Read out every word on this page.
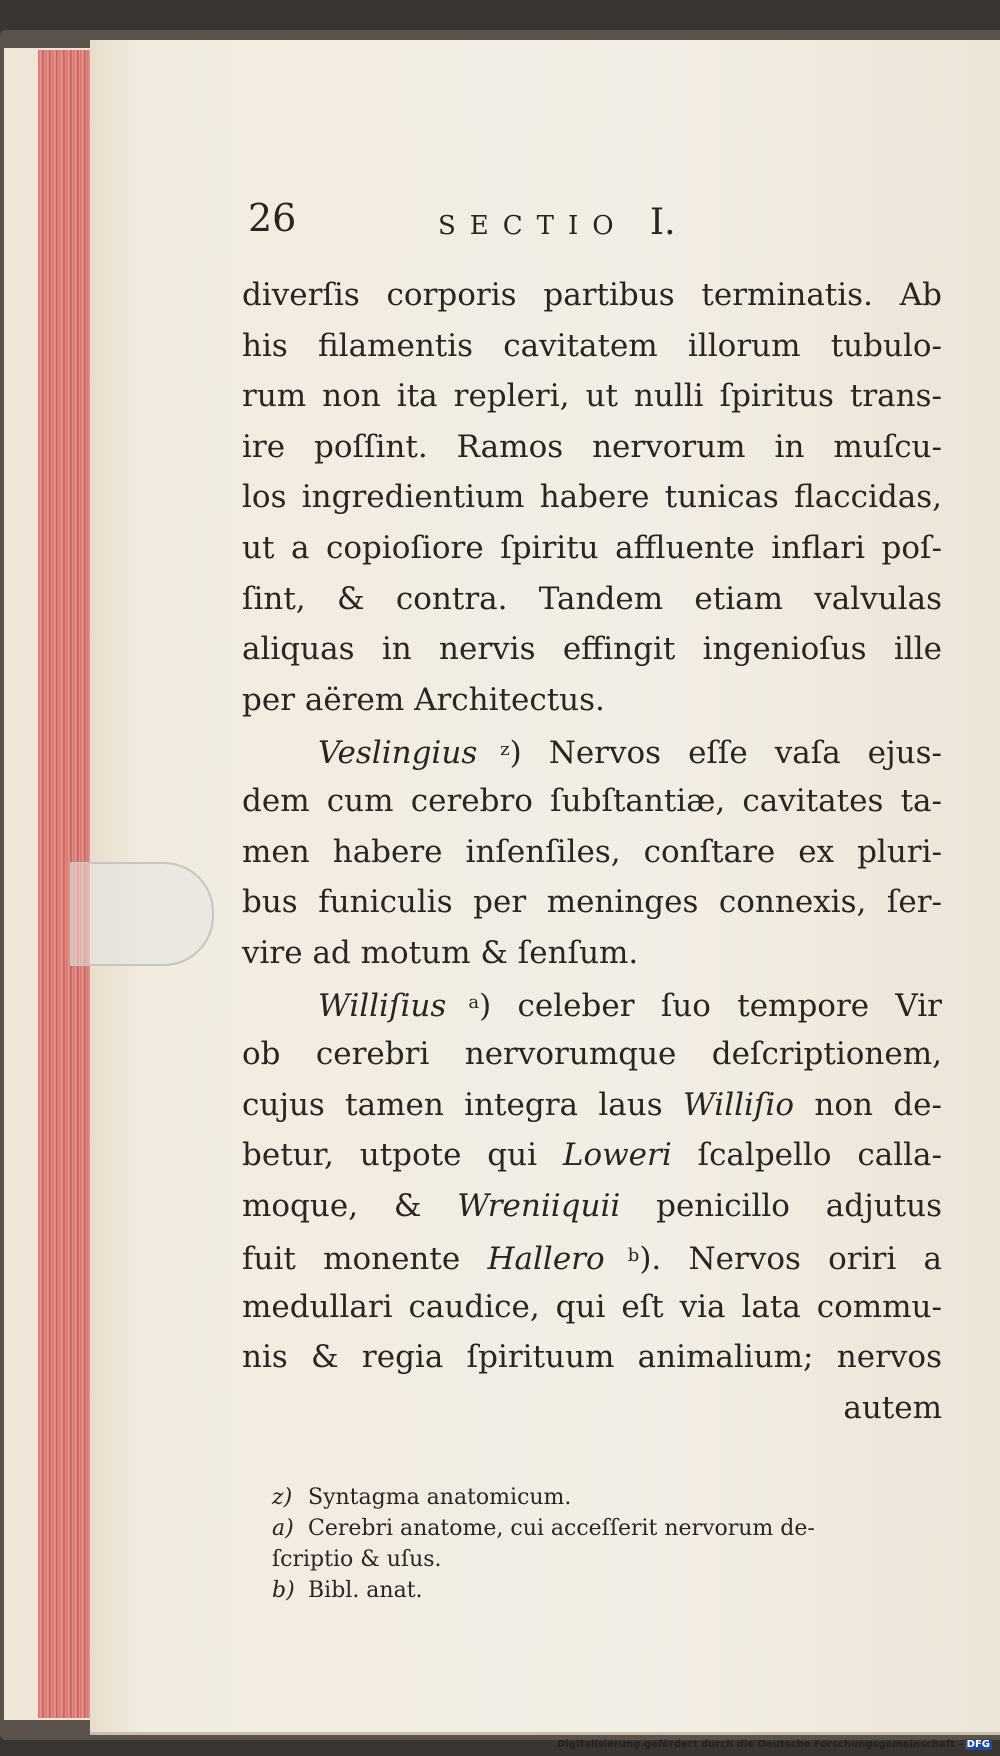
26	SECTIO I.
diverſis corporis partibus terminatis. Ab
his filamentis cavitatem illorum tubulo-
rum non ita repleri, ut nulli ſpiritus trans-
ire poſſint. Ramos nervorum in muſcu-
los ingredientium habere tunicas flaccidas,
ut a copioſiore ſpiritu affluente inflari poſ-
ſint, & contra. Tandem etiam valvulas
aliquas in nervis effingit ingenioſus ille
per aërem Architectus.
Veslingius $^z$) Nervos eſſe vaſa ejus-
dem cum cerebro ſubſtantiæ, cavitates ta-
men habere inſenſiles, conſtare ex pluri-
bus funiculis per meninges connexis, ſer-
vire ad motum & ſenſum.
Williſius $^a$) celeber ſuo tempore Vir
ob cerebri nervorumque deſcriptionem,
cujus tamen integra laus Williſio non de-
betur, utpote qui Loweri ſcalpello calla-
moque, & Wreniiquii penicillo adjutus
fuit monente Hallero $^b$). Nervos oriri a
medullari caudice, qui eſt via lata commu-
nis & regia ſpirituum animalium; nervos
autem
z) Syntagma anatomicum.
a) Cerebri anatome, cui acceſſerit nervorum de-
ſcriptio & uſus.
b) Bibl. anat.
Digitalisierung gefördert durch die Deutsche Forschungsgemeinschaft - DFG
